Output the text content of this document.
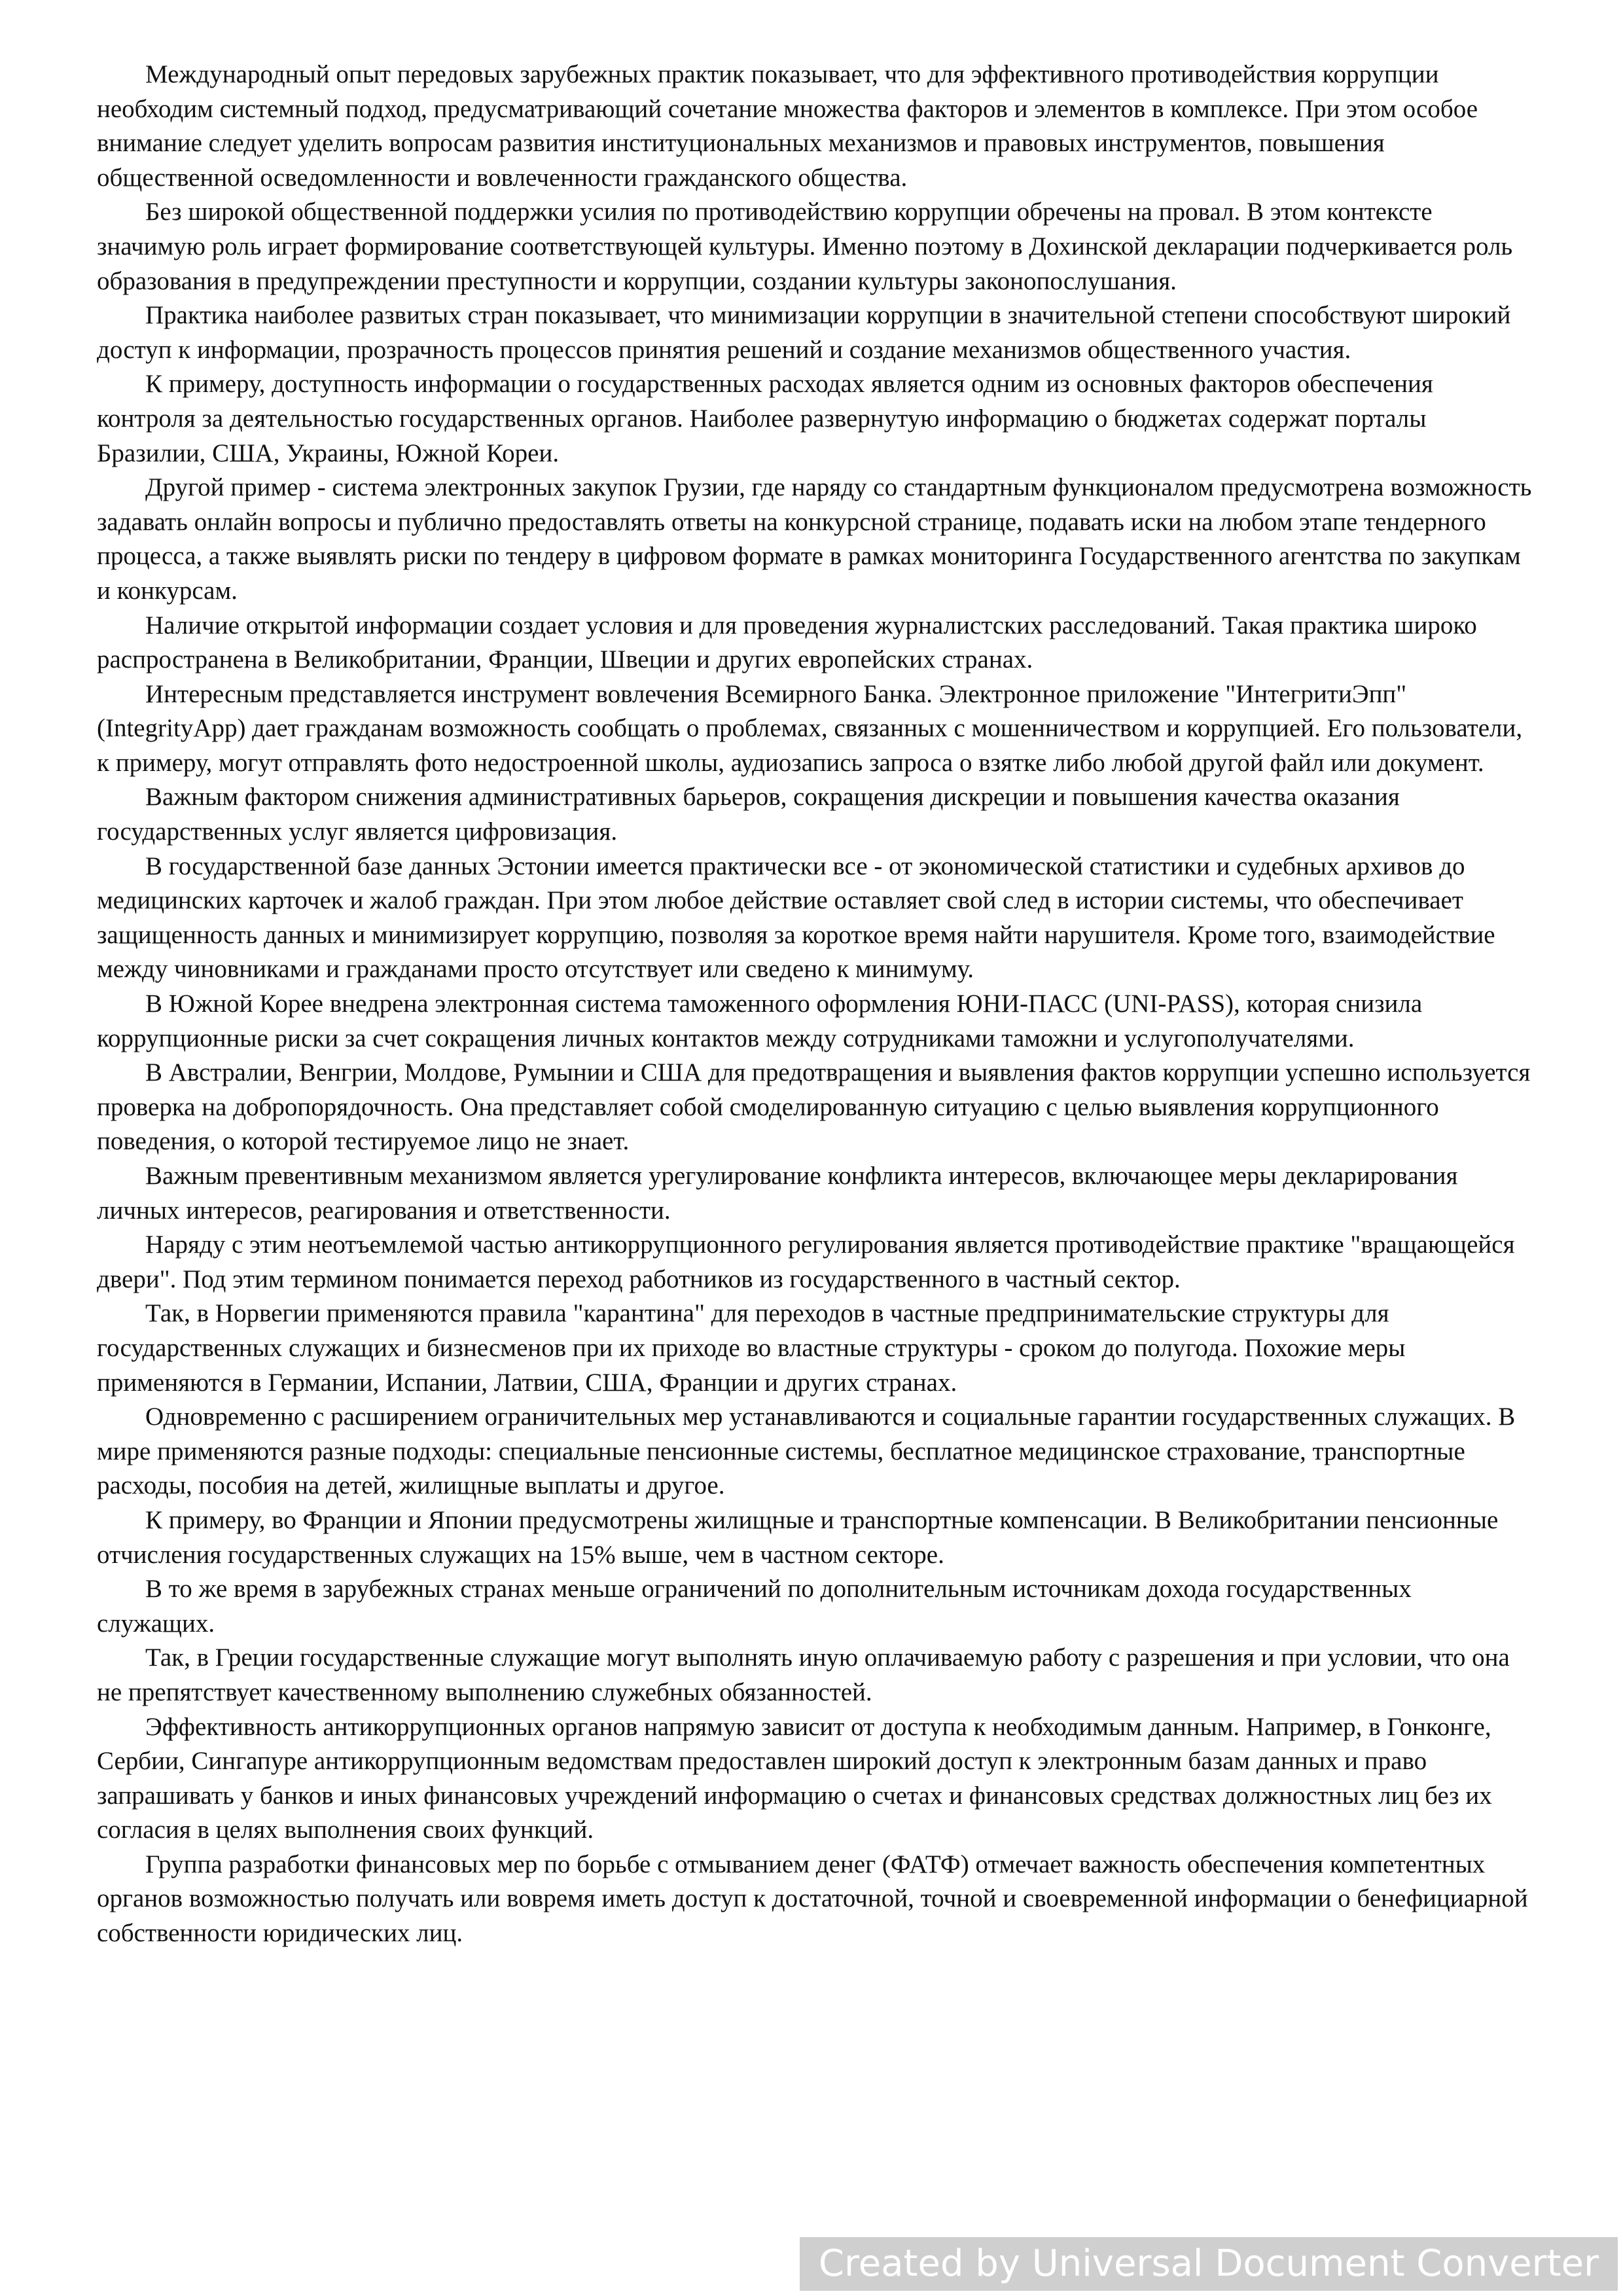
Международный опыт передовых зарубежных практик показывает, что для эффективного противодействия коррупции необходим системный подход, предусматривающий сочетание множества факторов и элементов в комплексе. При этом особое внимание следует уделить вопросам развития институциональных механизмов и правовых инструментов, повышения общественной осведомленности и вовлеченности гражданского общества.

Без широкой общественной поддержки усилия по противодействию коррупции обречены на провал. В этом контексте значимую роль играет формирование соответствующей культуры. Именно поэтому в Дохинской декларации подчеркивается роль образования в предупреждении преступности и коррупции, создании культуры законопослушания.

Практика наиболее развитых стран показывает, что минимизации коррупции в значительной степени способствуют широкий доступ к информации, прозрачность процессов принятия решений и создание механизмов общественного участия.

К примеру, доступность информации о государственных расходах является одним из основных факторов обеспечения контроля за деятельностью государственных органов. Наиболее развернутую информацию о бюджетах содержат порталы Бразилии, США, Украины, Южной Кореи.

Другой пример - система электронных закупок Грузии, где наряду со стандартным функционалом предусмотрена возможность задавать онлайн вопросы и публично предоставлять ответы на конкурсной странице, подавать иски на любом этапе тендерного процесса, а также выявлять риски по тендеру в цифровом формате в рамках мониторинга Государственного агентства по закупкам и конкурсам.

Наличие открытой информации создает условия и для проведения журналистских расследований. Такая практика широко распространена в Великобритании, Франции, Швеции и других европейских странах.

Интересным представляется инструмент вовлечения Всемирного Банка. Электронное приложение "ИнтегритиЭпп" (IntegrityApp) дает гражданам возможность сообщать о проблемах, связанных с мошенничеством и коррупцией. Его пользователи, к примеру, могут отправлять фото недостроенной школы, аудиозапись запроса о взятке либо любой другой файл или документ.

Важным фактором снижения административных барьеров, сокращения дискреции и повышения качества оказания государственных услуг является цифровизация.

В государственной базе данных Эстонии имеется практически все - от экономической статистики и судебных архивов до медицинских карточек и жалоб граждан. При этом любое действие оставляет свой след в истории системы, что обеспечивает защищенность данных и минимизирует коррупцию, позволяя за короткое время найти нарушителя. Кроме того, взаимодействие между чиновниками и гражданами просто отсутствует или сведено к минимуму.

В Южной Корее внедрена электронная система таможенного оформления ЮНИ-ПАСС (UNI-PASS), которая снизила коррупционные риски за счет сокращения личных контактов между сотрудниками таможни и услугополучателями.

В Австралии, Венгрии, Молдове, Румынии и США для предотвращения и выявления фактов коррупции успешно используется проверка на добропорядочность. Она представляет собой смоделированную ситуацию с целью выявления коррупционного поведения, о которой тестируемое лицо не знает.

Важным превентивным механизмом является урегулирование конфликта интересов, включающее меры декларирования личных интересов, реагирования и ответственности.

Наряду с этим неотъемлемой частью антикоррупционного регулирования является противодействие практике "вращающейся двери". Под этим термином понимается переход работников из государственного в частный сектор.

Так, в Норвегии применяются правила "карантина" для переходов в частные предпринимательские структуры для государственных служащих и бизнесменов при их приходе во властные структуры - сроком до полугода. Похожие меры применяются в Германии, Испании, Латвии, США, Франции и других странах.

Одновременно с расширением ограничительных мер устанавливаются и социальные гарантии государственных служащих. В мире применяются разные подходы: специальные пенсионные системы, бесплатное медицинское страхование, транспортные расходы, пособия на детей, жилищные выплаты и другое.

К примеру, во Франции и Японии предусмотрены жилищные и транспортные компенсации. В Великобритании пенсионные отчисления государственных служащих на 15% выше, чем в частном секторе.

В то же время в зарубежных странах меньше ограничений по дополнительным источникам дохода государственных служащих.

Так, в Греции государственные служащие могут выполнять иную оплачиваемую работу с разрешения и при условии, что она не препятствует качественному выполнению служебных обязанностей.

Эффективность антикоррупционных органов напрямую зависит от доступа к необходимым данным. Например, в Гонконге, Сербии, Сингапуре антикоррупционным ведомствам предоставлен широкий доступ к электронным базам данных и право запрашивать у банков и иных финансовых учреждений информацию о счетах и финансовых средствах должностных лиц без их согласия в целях выполнения своих функций.

Группа разработки финансовых мер по борьбе с отмыванием денег (ФАТФ) отмечает важность обеспечения компетентных органов возможностью получать или вовремя иметь доступ к достаточной, точной и своевременной информации о бенефициарной собственности юридических лиц.

Created by Universal Document Converter
